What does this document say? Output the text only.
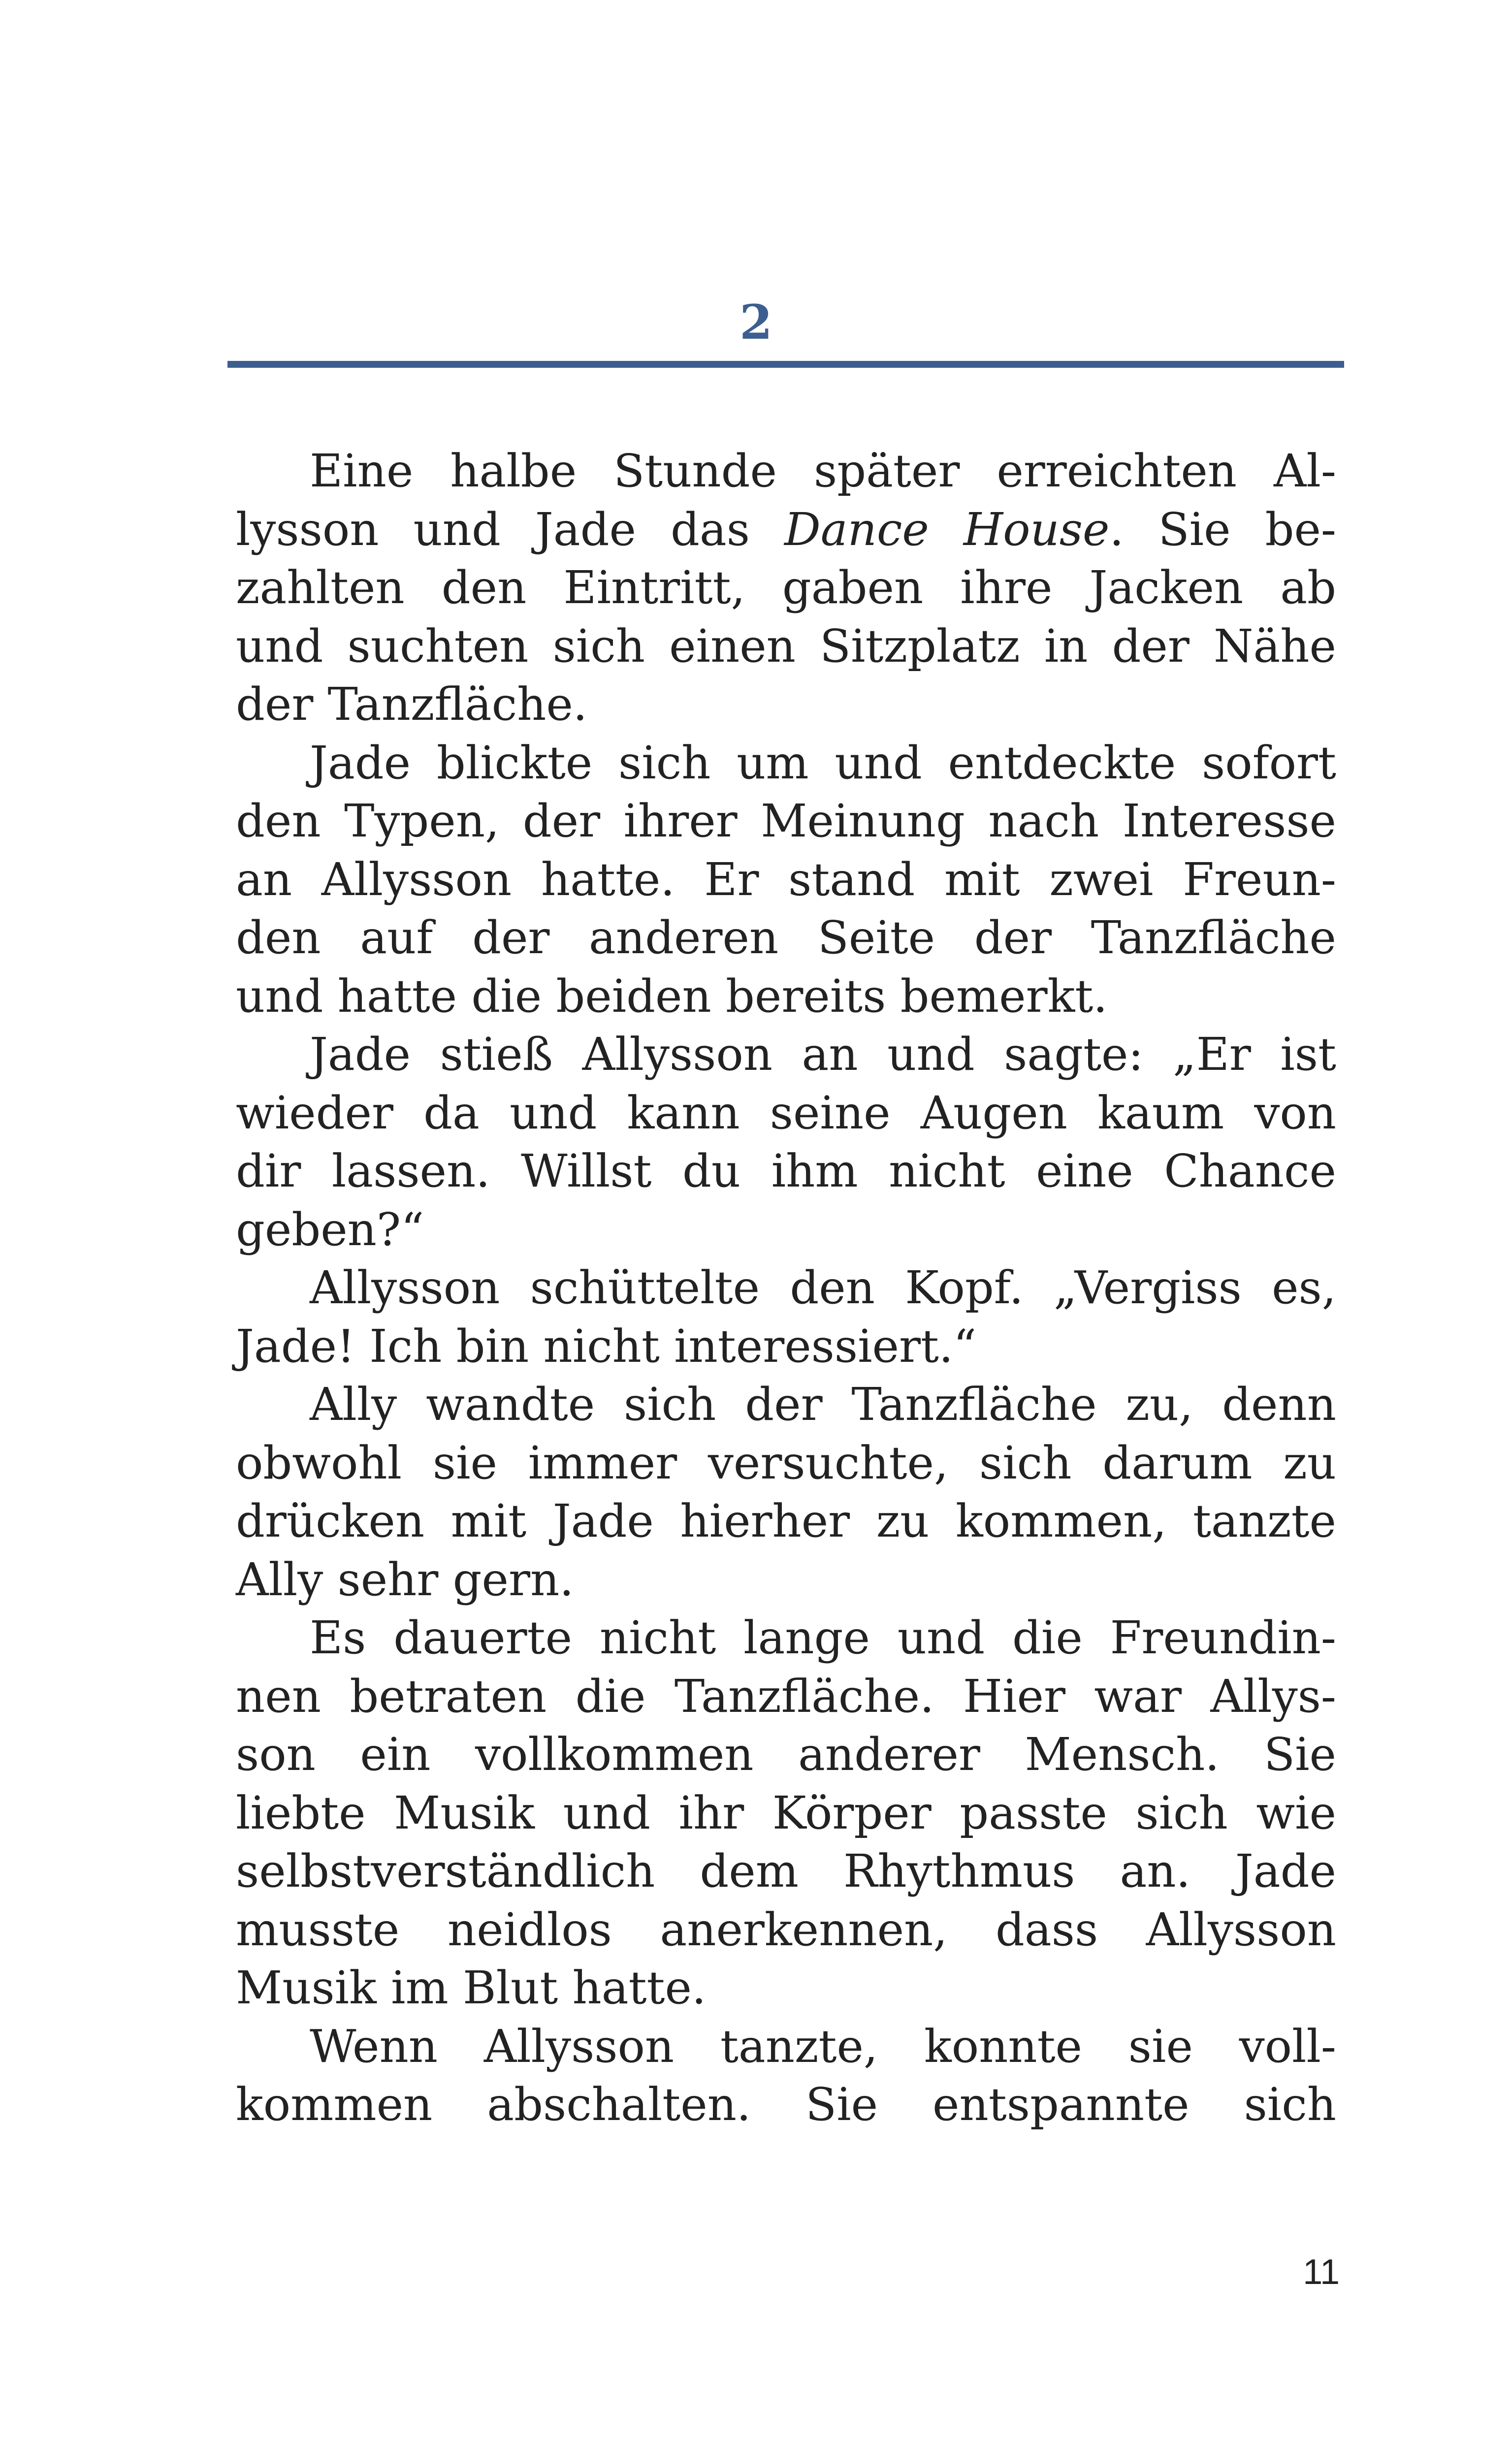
2
Eine halbe Stunde später erreichten Al-
lysson und Jade das Dance House. Sie be-
zahlten den Eintritt, gaben ihre Jacken ab
und suchten sich einen Sitzplatz in der Nähe
der Tanzfläche.
Jade blickte sich um und entdeckte sofort
den Typen, der ihrer Meinung nach Interesse
an Allysson hatte. Er stand mit zwei Freun-
den auf der anderen Seite der Tanzfläche
und hatte die beiden bereits bemerkt.
Jade stieß Allysson an und sagte: „Er ist
wieder da und kann seine Augen kaum von
dir lassen. Willst du ihm nicht eine Chance
geben?“
Allysson schüttelte den Kopf. „Vergiss es,
Jade! Ich bin nicht interessiert.“
Ally wandte sich der Tanzfläche zu, denn
obwohl sie immer versuchte, sich darum zu
drücken mit Jade hierher zu kommen, tanzte
Ally sehr gern.
Es dauerte nicht lange und die Freundin-
nen betraten die Tanzfläche. Hier war Allys-
son ein vollkommen anderer Mensch. Sie
liebte Musik und ihr Körper passte sich wie
selbstverständlich dem Rhythmus an. Jade
musste neidlos anerkennen, dass Allysson
Musik im Blut hatte.
Wenn Allysson tanzte, konnte sie voll-
kommen abschalten. Sie entspannte sich
11
